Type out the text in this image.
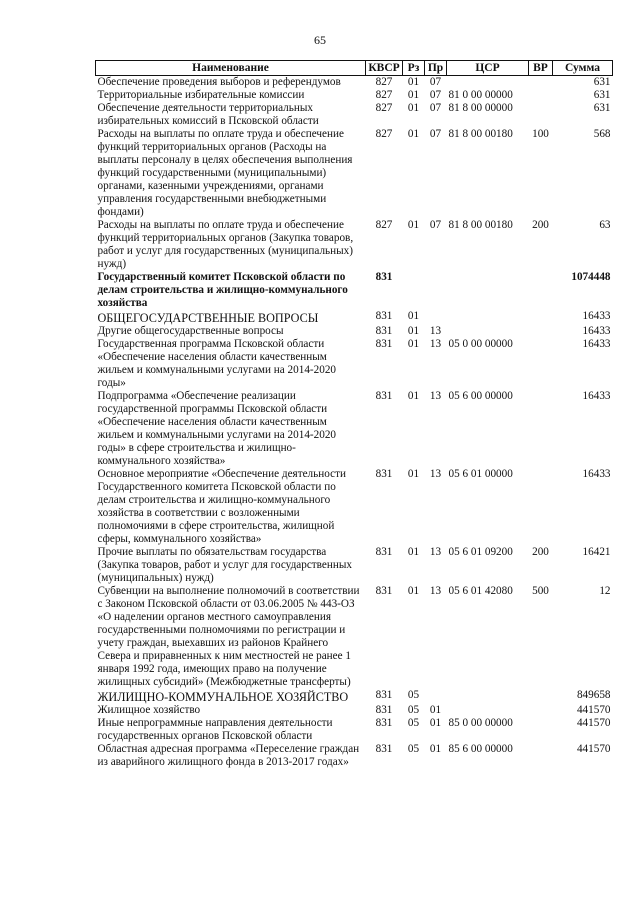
65
Наименование	КВСР	Рз	Пр	ЦСР	ВР	Сумма
Обеспечение проведения выборов и референдумов	827	01	07			631
Территориальные избирательные комиссии	827	01	07	81 0 00 00000		631
Обеспечение деятельности территориальных избирательных комиссий в Псковской области	827	01	07	81 8 00 00000		631
Расходы на выплаты по оплате труда и обеспечение функций территориальных органов (Расходы на выплаты персоналу в целях обеспечения выполнения функций государственными (муниципальными) органами, казенными учреждениями, органами управления государственными внебюджетными фондами)	827	01	07	81 8 00 00180	100	568
Расходы на выплаты по оплате труда и обеспечение функций территориальных органов (Закупка товаров, работ и услуг для государственных (муниципальных) нужд)	827	01	07	81 8 00 00180	200	63
Государственный комитет Псковской области по делам строительства и жилищно-коммунального хозяйства	831					1074448
ОБЩЕГОСУДАРСТВЕННЫЕ ВОПРОСЫ	831	01				16433
Другие общегосударственные вопросы	831	01	13			16433
Государственная программа Псковской области «Обеспечение населения области качественным жильем и коммунальными услугами на 2014-2020 годы»	831	01	13	05 0 00 00000		16433
Подпрограмма «Обеспечение реализации государственной программы Псковской области «Обеспечение населения области качественным жильем и коммунальными услугами на 2014-2020 годы» в сфере строительства и жилищно-коммунального хозяйства»	831	01	13	05 6 00 00000		16433
Основное мероприятие «Обеспечение деятельности Государственного комитета Псковской области по делам строительства и жилищно-коммунального хозяйства в соответствии с возложенными полномочиями в сфере строительства, жилищной сферы, коммунального хозяйства»	831	01	13	05 6 01 00000		16433
Прочие выплаты по обязательствам государства (Закупка товаров, работ и услуг для государственных (муниципальных) нужд)	831	01	13	05 6 01 09200	200	16421
Субвенции на выполнение полномочий в соответствии с Законом Псковской области от 03.06.2005 № 443-ОЗ «О наделении органов местного самоуправления государственными полномочиями по регистрации и учету граждан, выехавших из районов Крайнего Севера и приравненных к ним местностей не ранее 1 января 1992 года, имеющих право на получение жилищных субсидий» (Межбюджетные трансферты)	831	01	13	05 6 01 42080	500	12
ЖИЛИЩНО-КОММУНАЛЬНОЕ ХОЗЯЙСТВО	831	05				849658
Жилищное хозяйство	831	05	01			441570
Иные непрограммные направления деятельности государственных органов Псковской области	831	05	01	85 0 00 00000		441570
Областная адресная программа «Переселение граждан из аварийного жилищного фонда в 2013-2017 годах»	831	05	01	85 6 00 00000		441570
